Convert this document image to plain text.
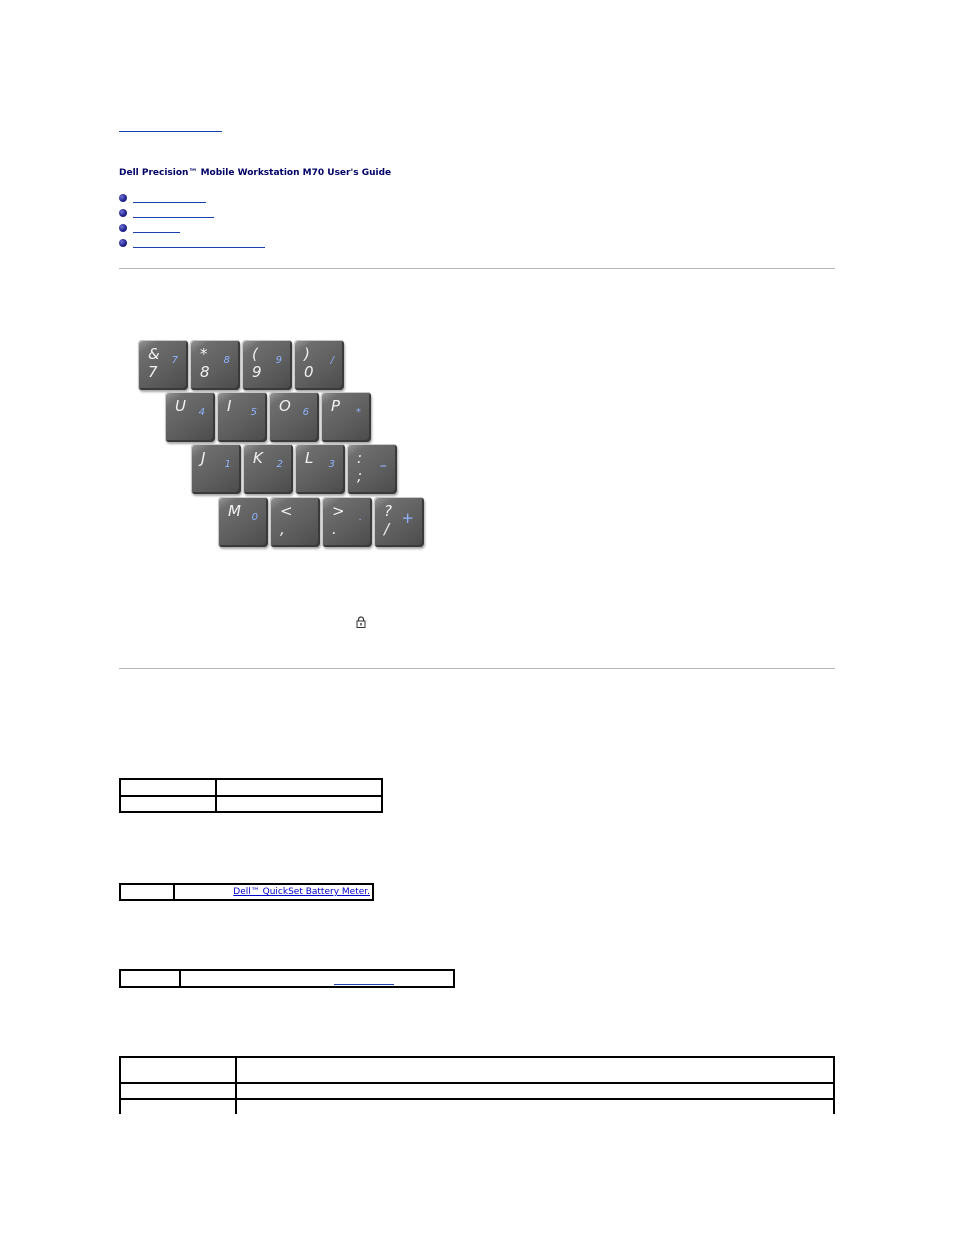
Dell Precision™ Mobile Workstation M70 User's Guide
&
7
7 *
8
8 (
9
9 )
0
/
U 4 I 5 O 6 P *
J 1 K 2 L 3 :
;
–
M 0 <
,
>
.
. ?
/
+

	Dell™ QuickSet Battery Meter.
